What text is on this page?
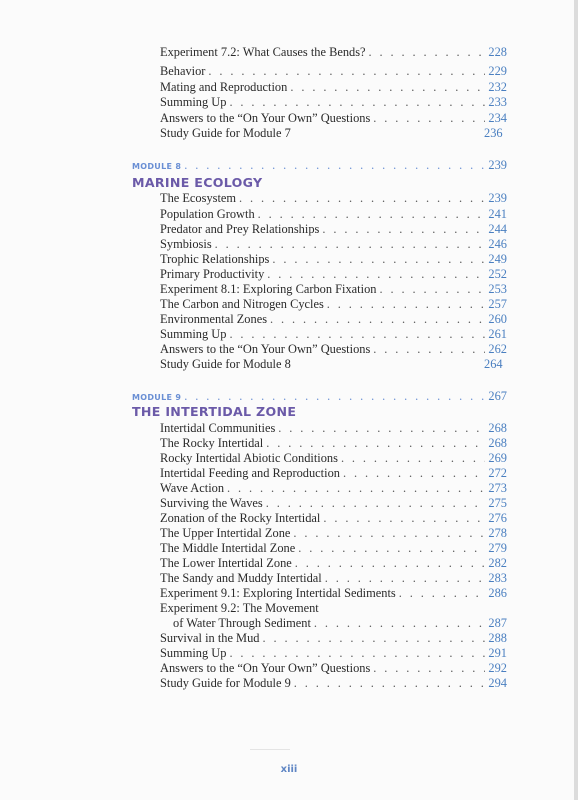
Experiment 7.2: What Causes the Bends? . . .	228
Behavior . . .	229
Mating and Reproduction . . .	232
Summing Up . . .	233
Answers to the “On Your Own” Questions . . .	234
Study Guide for Module 7	236
MODULE 8 . . .	239
MARINE ECOLOGY
The Ecosystem . . .	239
Population Growth . . .	241
Predator and Prey Relationships . . .	244
Symbiosis . . .	246
Trophic Relationships . . .	249
Primary Productivity . . .	252
Experiment 8.1: Exploring Carbon Fixation . . .	253
The Carbon and Nitrogen Cycles . . .	257
Environmental Zones . . .	260
Summing Up . . .	261
Answers to the “On Your Own” Questions . . .	262
Study Guide for Module 8	264
MODULE 9 . . .	267
THE INTERTIDAL ZONE
Intertidal Communities . . .	268
The Rocky Intertidal . . .	268
Rocky Intertidal Abiotic Conditions . . .	269
Intertidal Feeding and Reproduction . . .	272
Wave Action . . .	273
Surviving the Waves . . .	275
Zonation of the Rocky Intertidal . . .	276
The Upper Intertidal Zone . . .	278
The Middle Intertidal Zone . . .	279
The Lower Intertidal Zone . . .	282
The Sandy and Muddy Intertidal . . .	283
Experiment 9.1: Exploring Intertidal Sediments . . .	286
Experiment 9.2: The Movement
of Water Through Sediment . . .	287
Survival in the Mud . . .	288
Summing Up . . .	291
Answers to the “On Your Own” Questions . . .	292
Study Guide for Module 9 . . .	294
xiii
